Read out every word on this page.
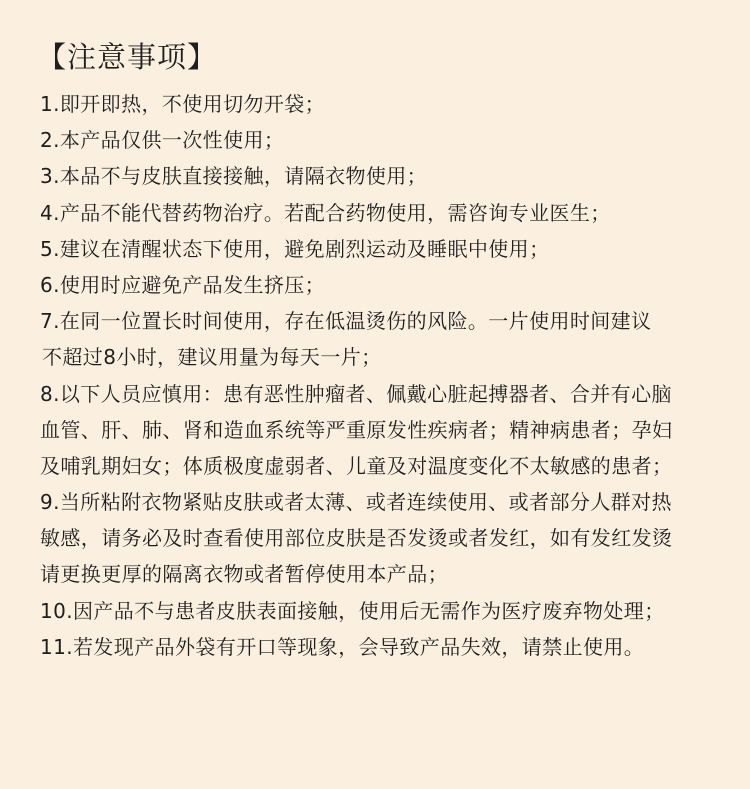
【注意事项】
1.即开即热，不使用切勿开袋；
2.本产品仅供一次性使用；
3.本品不与皮肤直接接触，请隔衣物使用；
4.产品不能代替药物治疗。若配合药物使用，需咨询专业医生；
5.建议在清醒状态下使用，避免剧烈运动及睡眠中使用；
6.使用时应避免产品发生挤压；
7.在同一位置长时间使用，存在低温烫伤的风险。一片使用时间建议
不超过8小时，建议用量为每天一片；
8.以下人员应慎用：患有恶性肿瘤者、佩戴心脏起搏器者、合并有心脑
血管、肝、肺、肾和造血系统等严重原发性疾病者；精神病患者；孕妇
及哺乳期妇女；体质极度虚弱者、儿童及对温度变化不太敏感的患者；
9.当所粘附衣物紧贴皮肤或者太薄、或者连续使用、或者部分人群对热
敏感，请务必及时查看使用部位皮肤是否发烫或者发红，如有发红发烫
请更换更厚的隔离衣物或者暂停使用本产品；
10.因产品不与患者皮肤表面接触，使用后无需作为医疗废弃物处理；
11.若发现产品外袋有开口等现象，会导致产品失效，请禁止使用。
